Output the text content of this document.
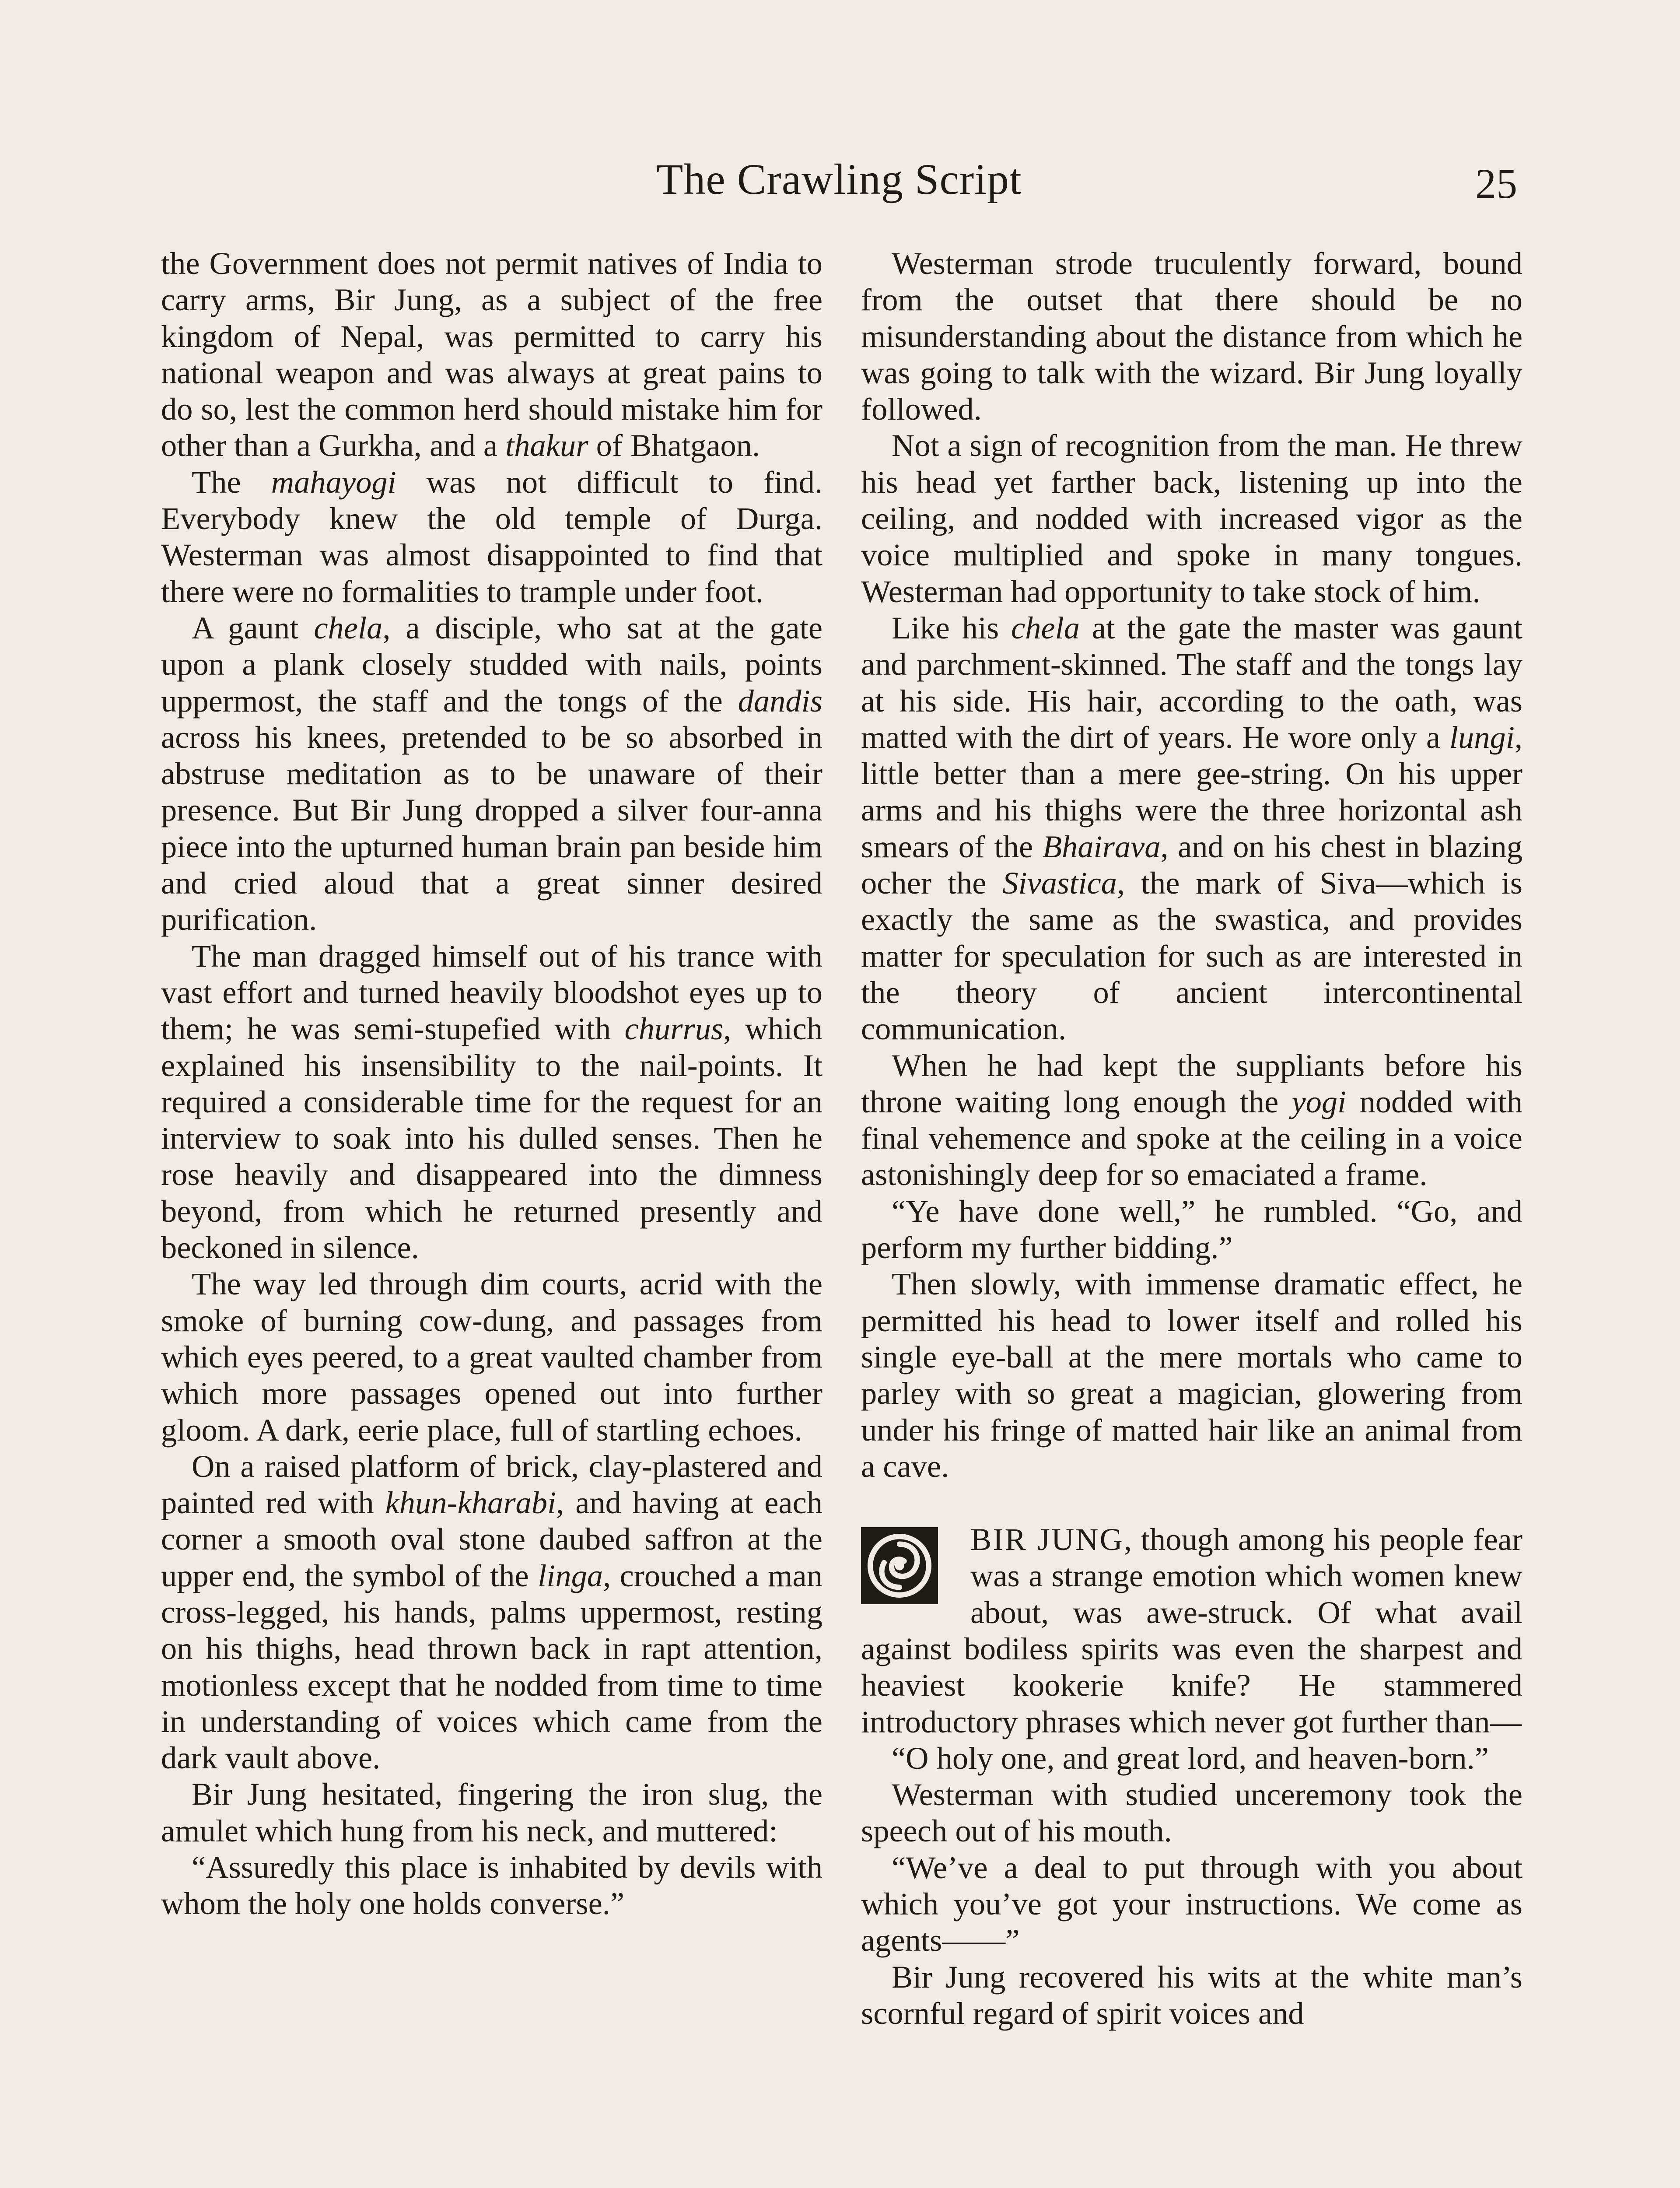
The Crawling Script	25

the Government does not permit natives of India to carry arms, Bir Jung, as a subject of the free kingdom of Nepal, was permitted to carry his national weapon and was always at great pains to do so, lest the common herd should mistake him for other than a Gurkha, and a thakur of Bhatgaon.

The mahayogi was not difficult to find. Everybody knew the old temple of Durga. Westerman was almost disappointed to find that there were no formalities to trample under foot.

A gaunt chela, a disciple, who sat at the gate upon a plank closely studded with nails, points uppermost, the staff and the tongs of the dandis across his knees, pretended to be so absorbed in abstruse meditation as to be unaware of their presence. But Bir Jung dropped a silver four-anna piece into the upturned human brain pan beside him and cried aloud that a great sinner desired purification.

The man dragged himself out of his trance with vast effort and turned heavily bloodshot eyes up to them; he was semi-stupefied with churrus, which explained his insensibility to the nail-points. It required a considerable time for the request for an interview to soak into his dulled senses. Then he rose heavily and disappeared into the dimness beyond, from which he returned presently and beckoned in silence.

The way led through dim courts, acrid with the smoke of burning cow-dung, and passages from which eyes peered, to a great vaulted chamber from which more passages opened out into further gloom. A dark, eerie place, full of startling echoes.

On a raised platform of brick, clay-plastered and painted red with khun-kharabi, and having at each corner a smooth oval stone daubed saffron at the upper end, the symbol of the linga, crouched a man cross-legged, his hands, palms uppermost, resting on his thighs, head thrown back in rapt attention, motionless except that he nodded from time to time in understanding of voices which came from the dark vault above.

Bir Jung hesitated, fingering the iron slug, the amulet which hung from his neck, and muttered:

“Assuredly this place is inhabited by devils with whom the holy one holds converse.”

Westerman strode truculently forward, bound from the outset that there should be no misunderstanding about the distance from which he was going to talk with the wizard. Bir Jung loyally followed.

Not a sign of recognition from the man. He threw his head yet farther back, listening up into the ceiling, and nodded with increased vigor as the voice multiplied and spoke in many tongues. Westerman had opportunity to take stock of him.

Like his chela at the gate the master was gaunt and parchment-skinned. The staff and the tongs lay at his side. His hair, according to the oath, was matted with the dirt of years. He wore only a lungi, little better than a mere gee-string. On his upper arms and his thighs were the three horizontal ash smears of the Bhairava, and on his chest in blazing ocher the Sivastica, the mark of Siva—which is exactly the same as the swastica, and provides matter for speculation for such as are interested in the theory of ancient intercontinental communication.

When he had kept the suppliants before his throne waiting long enough the yogi nodded with final vehemence and spoke at the ceiling in a voice astonishingly deep for so emaciated a frame.

“Ye have done well,” he rumbled. “Go, and perform my further bidding.”

Then slowly, with immense dramatic effect, he permitted his head to lower itself and rolled his single eye-ball at the mere mortals who came to parley with so great a magician, glowering from under his fringe of matted hair like an animal from a cave.

BIR JUNG, though among his people fear was a strange emotion which women knew about, was awe-struck. Of what avail against bodiless spirits was even the sharpest and heaviest kookerie knife? He stammered introductory phrases which never got further than—

“O holy one, and great lord, and heaven-born.”

Westerman with studied unceremony took the speech out of his mouth.

“We’ve a deal to put through with you about which you’ve got your instructions. We come as agents——”

Bir Jung recovered his wits at the white man’s scornful regard of spirit voices and
